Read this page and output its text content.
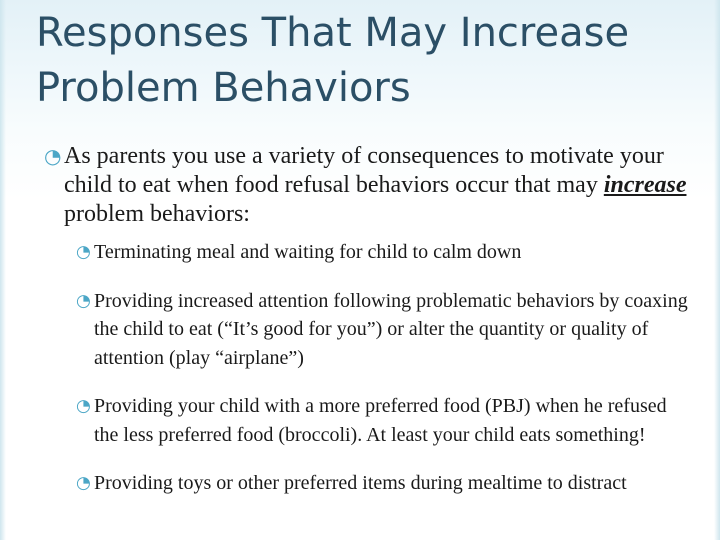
Responses That May Increase
Problem Behaviors

◔ As parents you use a variety of consequences to motivate your child to eat when food refusal behaviors occur that may increase problem behaviors:

◔ Terminating meal and waiting for child to calm down

◔ Providing increased attention following problematic behaviors by coaxing the child to eat (“It’s good for you”) or alter the quantity or quality of attention (play “airplane”)

◔ Providing your child with a more preferred food (PBJ) when he refused the less preferred food (broccoli). At least your child eats something!

◔ Providing toys or other preferred items during mealtime to distract
